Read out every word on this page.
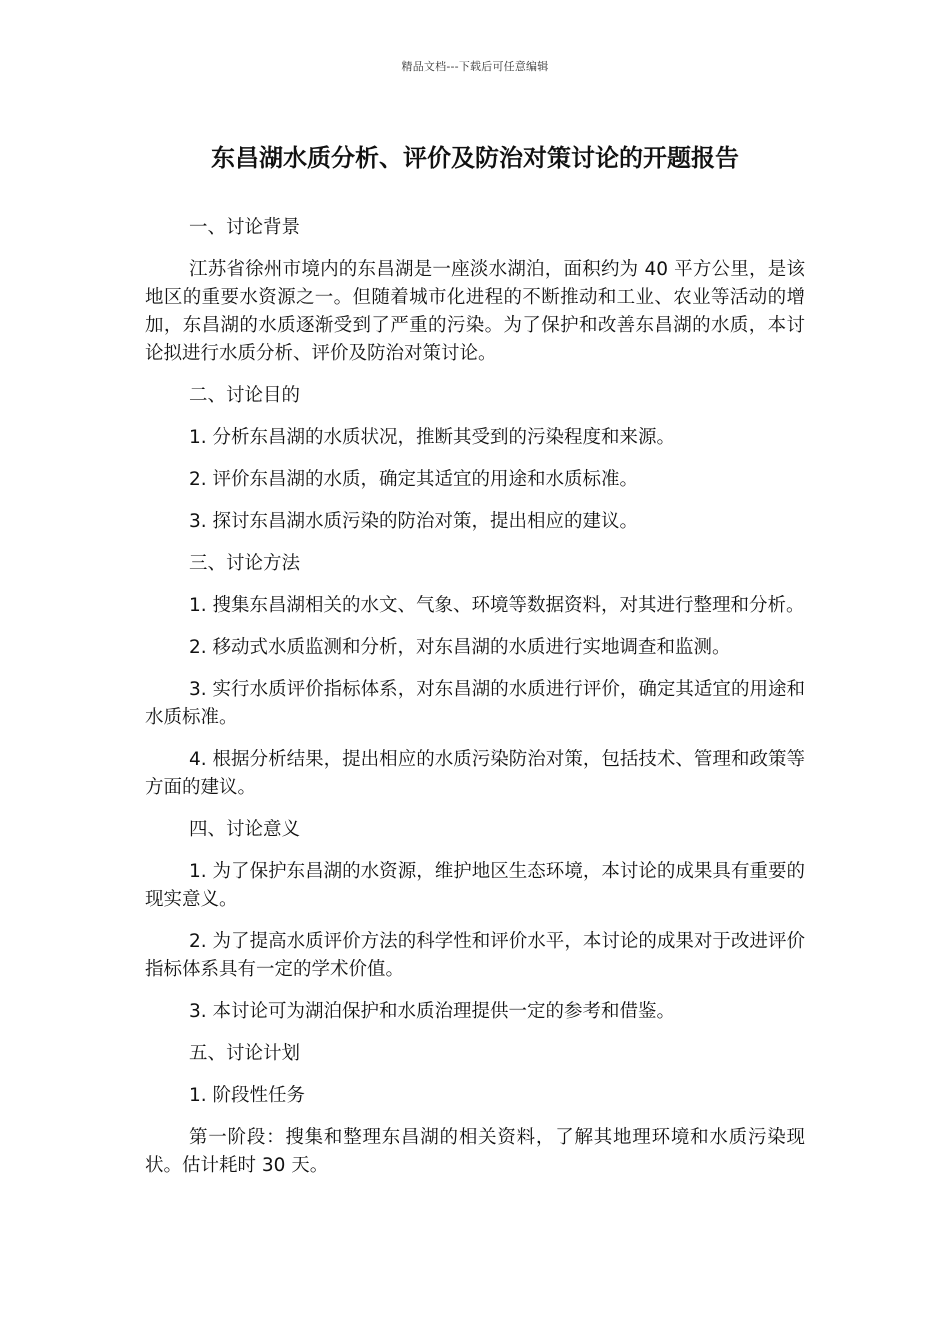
精品文档---下载后可任意编辑
东昌湖水质分析、评价及防治对策讨论的开题报告

一、讨论背景

江苏省徐州市境内的东昌湖是一座淡水湖泊，面积约为 40 平方公里，是该地区的重要水资源之一。但随着城市化进程的不断推动和工业、农业等活动的增加，东昌湖的水质逐渐受到了严重的污染。为了保护和改善东昌湖的水质，本讨论拟进行水质分析、评价及防治对策讨论。

二、讨论目的

1. 分析东昌湖的水质状况，推断其受到的污染程度和来源。

2. 评价东昌湖的水质，确定其适宜的用途和水质标准。

3. 探讨东昌湖水质污染的防治对策，提出相应的建议。

三、讨论方法

1. 搜集东昌湖相关的水文、气象、环境等数据资料，对其进行整理和分析。

2. 移动式水质监测和分析，对东昌湖的水质进行实地调查和监测。

3. 实行水质评价指标体系，对东昌湖的水质进行评价，确定其适宜的用途和水质标准。

4. 根据分析结果，提出相应的水质污染防治对策，包括技术、管理和政策等方面的建议。

四、讨论意义

1. 为了保护东昌湖的水资源，维护地区生态环境，本讨论的成果具有重要的现实意义。

2. 为了提高水质评价方法的科学性和评价水平，本讨论的成果对于改进评价指标体系具有一定的学术价值。

3. 本讨论可为湖泊保护和水质治理提供一定的参考和借鉴。

五、讨论计划

1. 阶段性任务

第一阶段：搜集和整理东昌湖的相关资料，了解其地理环境和水质污染现状。估计耗时 30 天。
